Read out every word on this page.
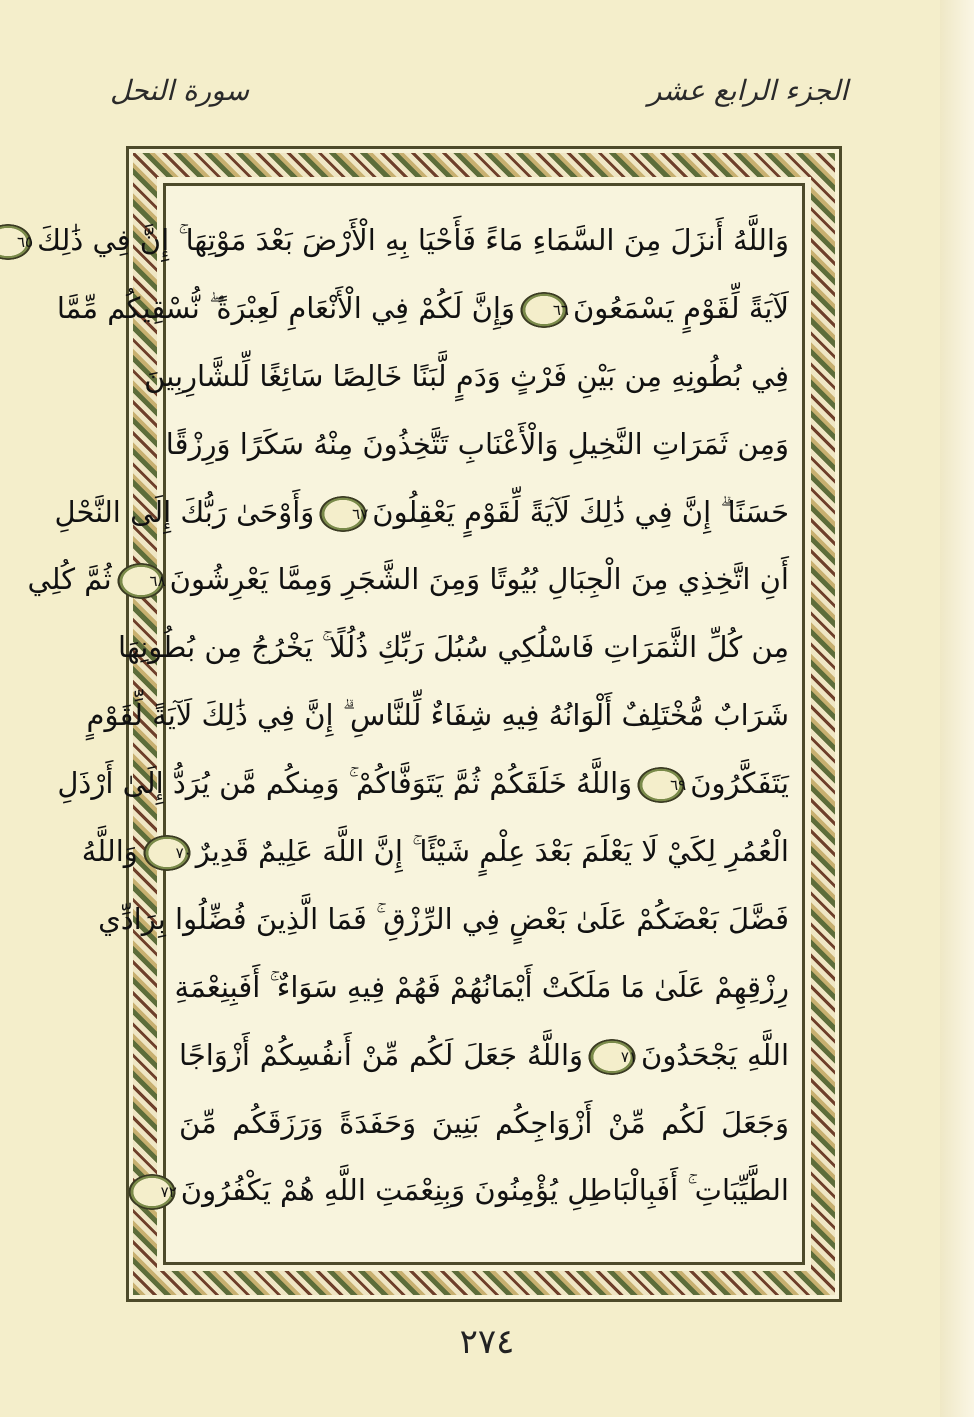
الجزء الرابع عشر
سورة النحل
وَاللَّهُ أَنزَلَ مِنَ السَّمَاءِ مَاءً فَأَحْيَا بِهِ الْأَرْضَ بَعْدَ مَوْتِهَا ۚ إِنَّ فِي ذَٰلِكَ٦٥
لَآيَةً لِّقَوْمٍ يَسْمَعُونَ٦٦وَإِنَّ لَكُمْ فِي الْأَنْعَامِ لَعِبْرَةً ۖ نُّسْقِيكُم مِّمَّا
فِي بُطُونِهِ مِن بَيْنِ فَرْثٍ وَدَمٍ لَّبَنًا خَالِصًا سَائِغًا لِّلشَّارِبِينَ
وَمِن ثَمَرَاتِ النَّخِيلِ وَالْأَعْنَابِ تَتَّخِذُونَ مِنْهُ سَكَرًا وَرِزْقًا
حَسَنًا ۗ إِنَّ فِي ذَٰلِكَ لَآيَةً لِّقَوْمٍ يَعْقِلُونَ٦٧وَأَوْحَىٰ رَبُّكَ إِلَى النَّحْلِ
أَنِ اتَّخِذِي مِنَ الْجِبَالِ بُيُوتًا وَمِنَ الشَّجَرِ وَمِمَّا يَعْرِشُونَ٦٨ثُمَّ كُلِي
مِن كُلِّ الثَّمَرَاتِ فَاسْلُكِي سُبُلَ رَبِّكِ ذُلُلًا ۚ يَخْرُجُ مِن بُطُونِهَا
شَرَابٌ مُّخْتَلِفٌ أَلْوَانُهُ فِيهِ شِفَاءٌ لِّلنَّاسِ ۗ إِنَّ فِي ذَٰلِكَ لَآيَةً لِّقَوْمٍ
يَتَفَكَّرُونَ٦٩وَاللَّهُ خَلَقَكُمْ ثُمَّ يَتَوَفَّاكُمْ ۚ وَمِنكُم مَّن يُرَدُّ إِلَىٰ أَرْذَلِ
الْعُمُرِ لِكَيْ لَا يَعْلَمَ بَعْدَ عِلْمٍ شَيْئًا ۚ إِنَّ اللَّهَ عَلِيمٌ قَدِيرٌ٧٠وَاللَّهُ
فَضَّلَ بَعْضَكُمْ عَلَىٰ بَعْضٍ فِي الرِّزْقِ ۚ فَمَا الَّذِينَ فُضِّلُوا بِرَادِّي
رِزْقِهِمْ عَلَىٰ مَا مَلَكَتْ أَيْمَانُهُمْ فَهُمْ فِيهِ سَوَاءٌ ۚ أَفَبِنِعْمَةِ
اللَّهِ يَجْحَدُونَ٧١وَاللَّهُ جَعَلَ لَكُم مِّنْ أَنفُسِكُمْ أَزْوَاجًا
وَجَعَلَ لَكُم مِّنْ أَزْوَاجِكُم بَنِينَ وَحَفَدَةً وَرَزَقَكُم مِّنَ
الطَّيِّبَاتِ ۚ أَفَبِالْبَاطِلِ يُؤْمِنُونَ وَبِنِعْمَتِ اللَّهِ هُمْ يَكْفُرُونَ٧٢
٢٧٤
